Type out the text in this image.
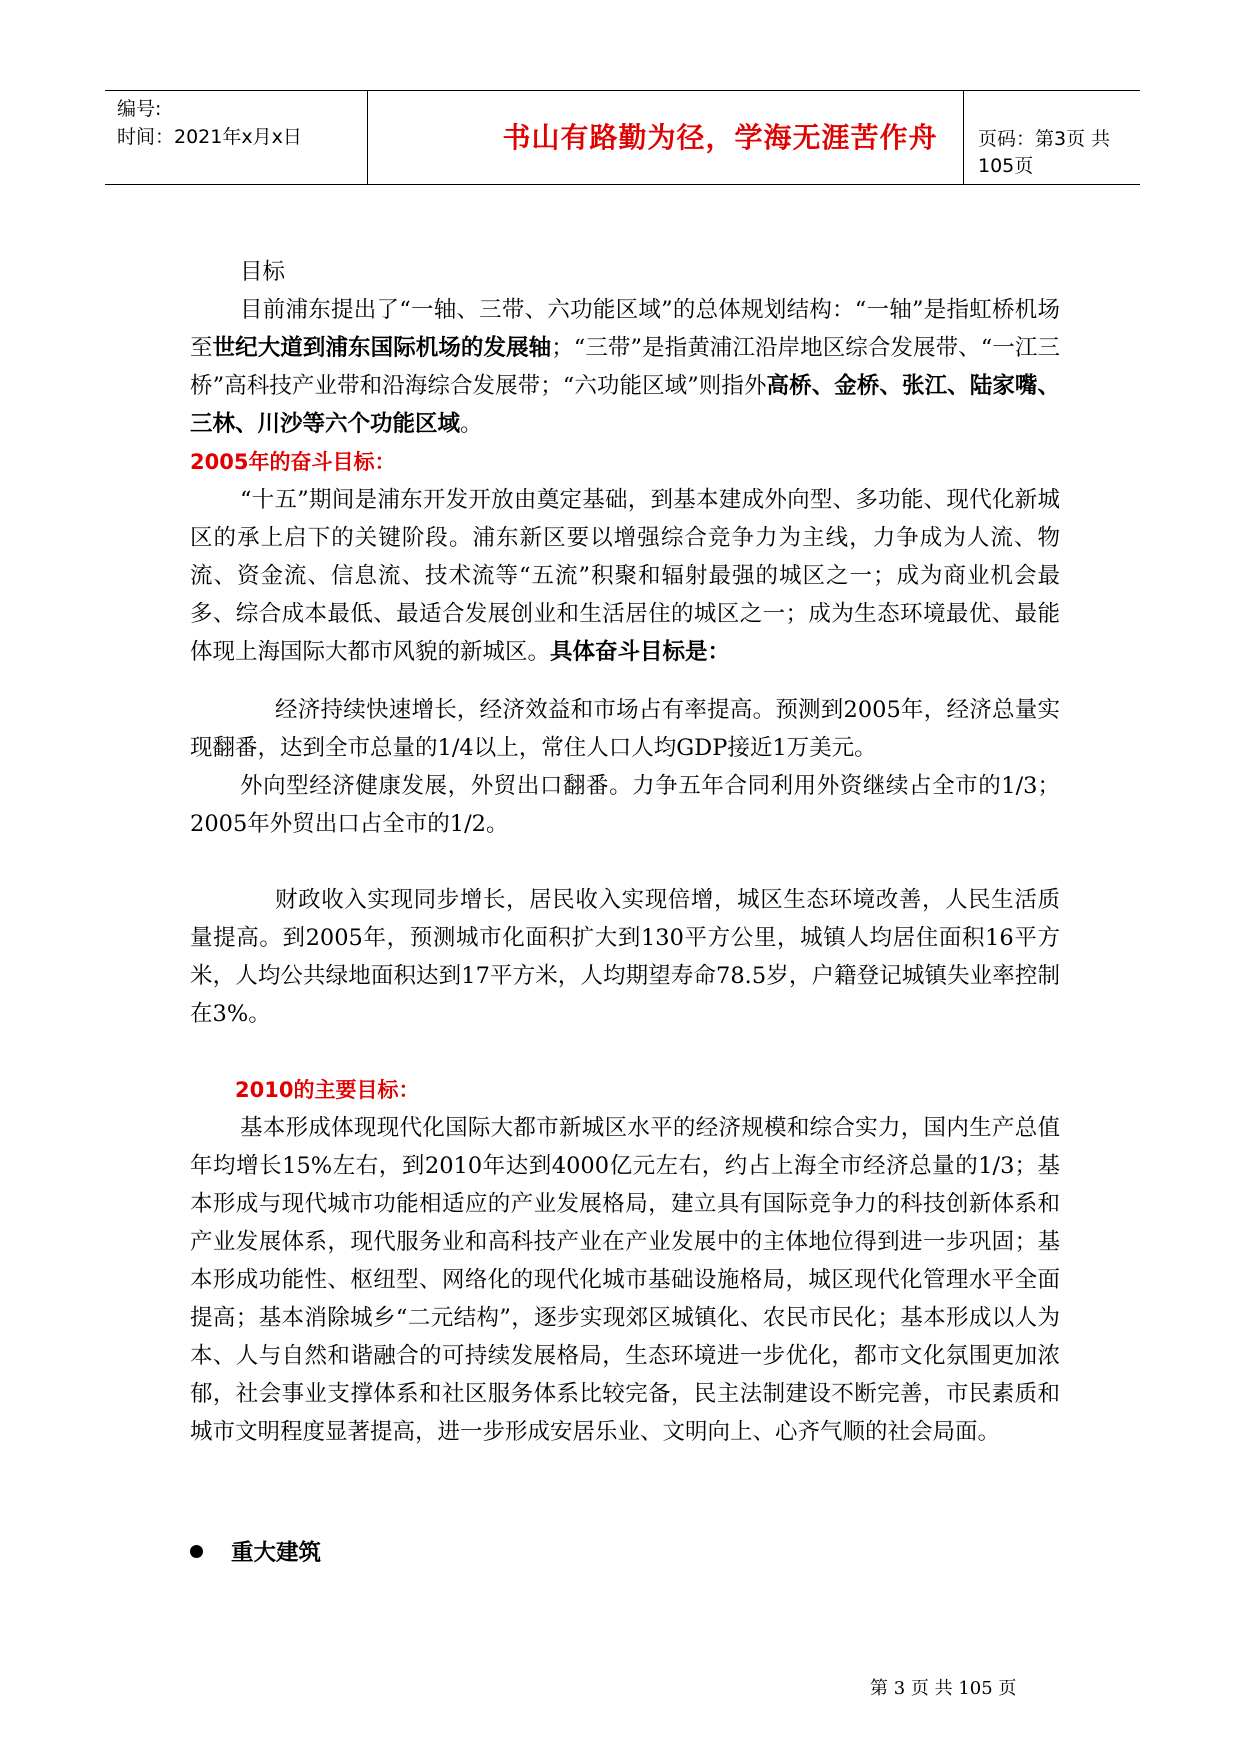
编号:
时间：2021年x月x日	书山有路勤为径，学海无涯苦作舟	页码：第3页 共105页

目标

目前浦东提出了“一轴、三带、六功能区域”的总体规划结构：“一轴”是指虹桥机场至世纪大道到浦东国际机场的发展轴；“三带”是指黄浦江沿岸地区综合发展带、“一江三桥”高科技产业带和沿海综合发展带；“六功能区域”则指外高桥、金桥、张江、陆家嘴、三林、川沙等六个功能区域。

2005年的奋斗目标：

“十五”期间是浦东开发开放由奠定基础，到基本建成外向型、多功能、现代化新城区的承上启下的关键阶段。浦东新区要以增强综合竞争力为主线，力争成为人流、物流、资金流、信息流、技术流等“五流”积聚和辐射最强的城区之一；成为商业机会最多、综合成本最低、最适合发展创业和生活居住的城区之一；成为生态环境最优、最能体现上海国际大都市风貌的新城区。具体奋斗目标是：

经济持续快速增长，经济效益和市场占有率提高。预测到2005年，经济总量实现翻番，达到全市总量的1/4以上，常住人口人均GDP接近1万美元。

外向型经济健康发展，外贸出口翻番。力争五年合同利用外资继续占全市的1/3；2005年外贸出口占全市的1/2。

财政收入实现同步增长，居民收入实现倍增，城区生态环境改善，人民生活质量提高。到2005年，预测城市化面积扩大到130平方公里，城镇人均居住面积16平方米，人均公共绿地面积达到17平方米，人均期望寿命78.5岁，户籍登记城镇失业率控制在3%。

2010的主要目标：

基本形成体现现代化国际大都市新城区水平的经济规模和综合实力，国内生产总值年均增长15%左右，到2010年达到4000亿元左右，约占上海全市经济总量的1/3；基本形成与现代城市功能相适应的产业发展格局，建立具有国际竞争力的科技创新体系和产业发展体系，现代服务业和高科技产业在产业发展中的主体地位得到进一步巩固；基本形成功能性、枢纽型、网络化的现代化城市基础设施格局，城区现代化管理水平全面提高；基本消除城乡“二元结构”，逐步实现郊区城镇化、农民市民化；基本形成以人为本、人与自然和谐融合的可持续发展格局，生态环境进一步优化，都市文化氛围更加浓郁，社会事业支撑体系和社区服务体系比较完备，民主法制建设不断完善，市民素质和城市文明程度显著提高，进一步形成安居乐业、文明向上、心齐气顺的社会局面。

重大建筑
第 3 页 共 105 页
